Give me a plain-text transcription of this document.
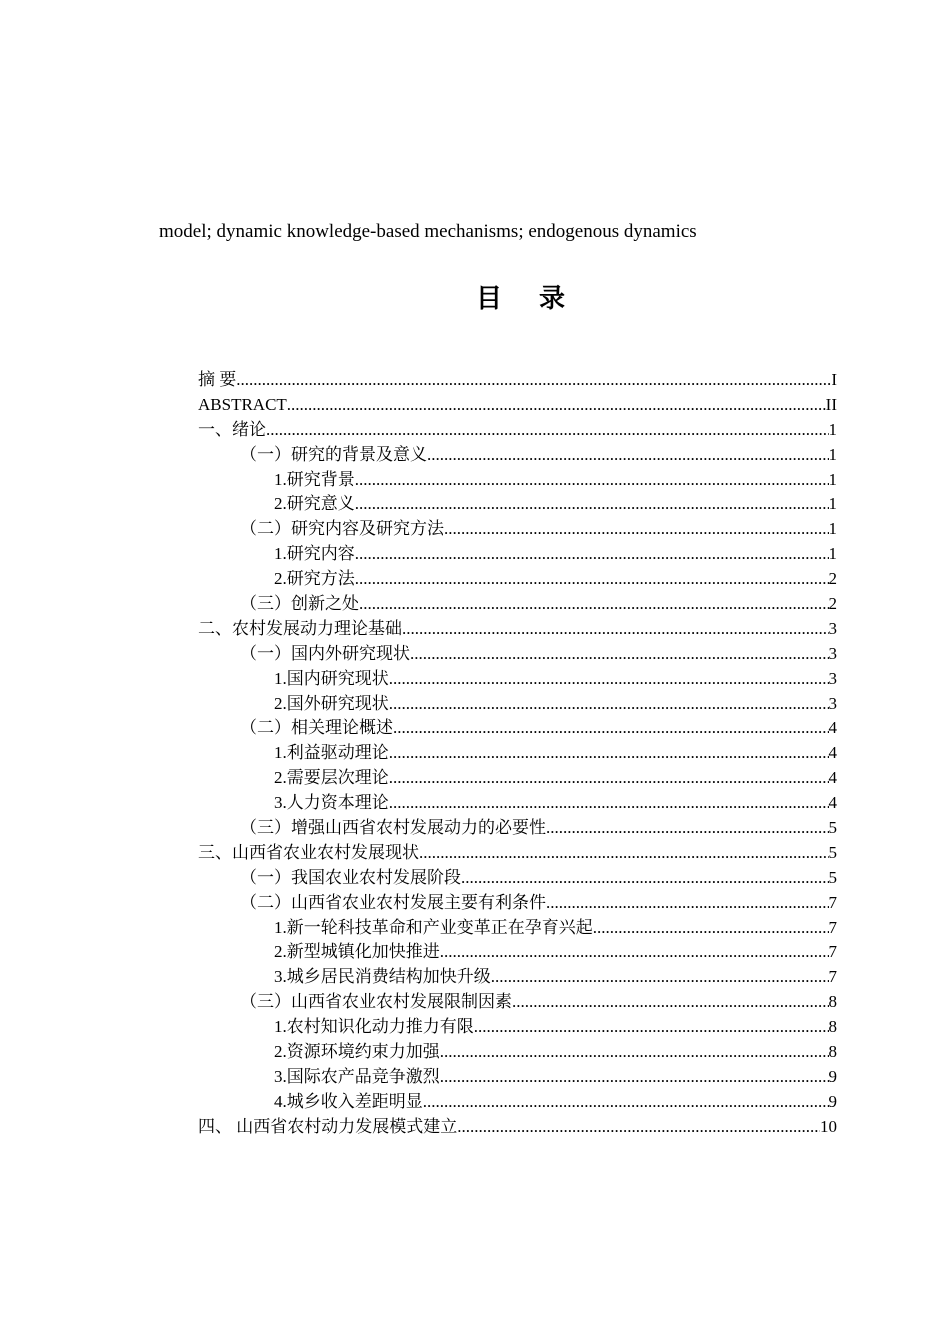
model; dynamic knowledge-based mechanisms; endogenous dynamics
目 录
摘 要 .....	I
ABSTRACT .....	II
一、绪论 .....	1
（一）研究的背景及意义 .....	1
1.研究背景 .....	1
2.研究意义 .....	1
（二）研究内容及研究方法 .....	1
1.研究内容 .....	1
2.研究方法 .....	2
（三）创新之处 .....	2
二、农村发展动力理论基础 .....	3
（一）国内外研究现状 .....	3
1.国内研究现状 .....	3
2.国外研究现状 .....	3
（二）相关理论概述 .....	4
1.利益驱动理论 .....	4
2.需要层次理论 .....	4
3.人力资本理论 .....	4
（三）增强山西省农村发展动力的必要性 .....	5
三、山西省农业农村发展现状 .....	5
（一）我国农业农村发展阶段 .....	5
（二）山西省农业农村发展主要有利条件 .....	7
1.新一轮科技革命和产业变革正在孕育兴起 .....	7
2.新型城镇化加快推进 .....	7
3.城乡居民消费结构加快升级 .....	7
（三）山西省农业农村发展限制因素 .....	8
1.农村知识化动力推力有限 .....	8
2.资源环境约束力加强 .....	8
3.国际农产品竞争激烈 .....	9
4.城乡收入差距明显 .....	9
四、 山西省农村动力发展模式建立 .....	10
